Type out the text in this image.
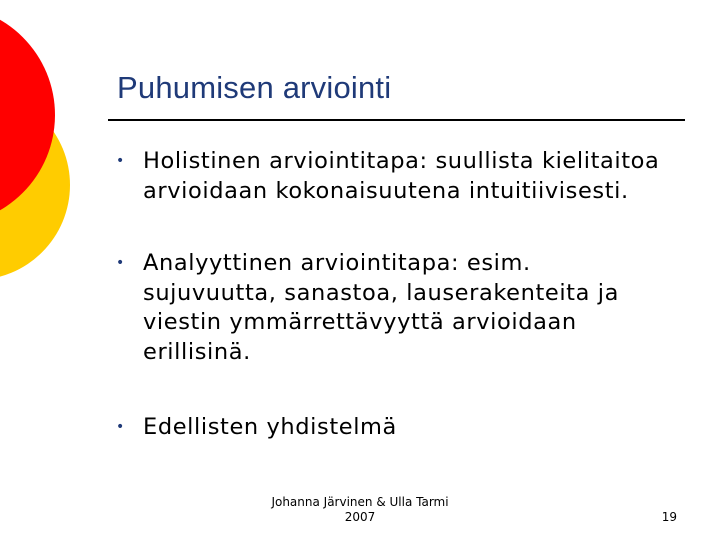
Puhumisen arviointi
• Holistinen arviointitapa: suullista kielitaitoa arvioidaan kokonaisuutena intuitiivisesti.
• Analyyttinen arviointitapa: esim. sujuvuutta, sanastoa, lauserakenteita ja viestin ymmärrettävyyttä arvioidaan erillisinä.
• Edellisten yhdistelmä
Johanna Järvinen & Ulla Tarmi
2007	19
